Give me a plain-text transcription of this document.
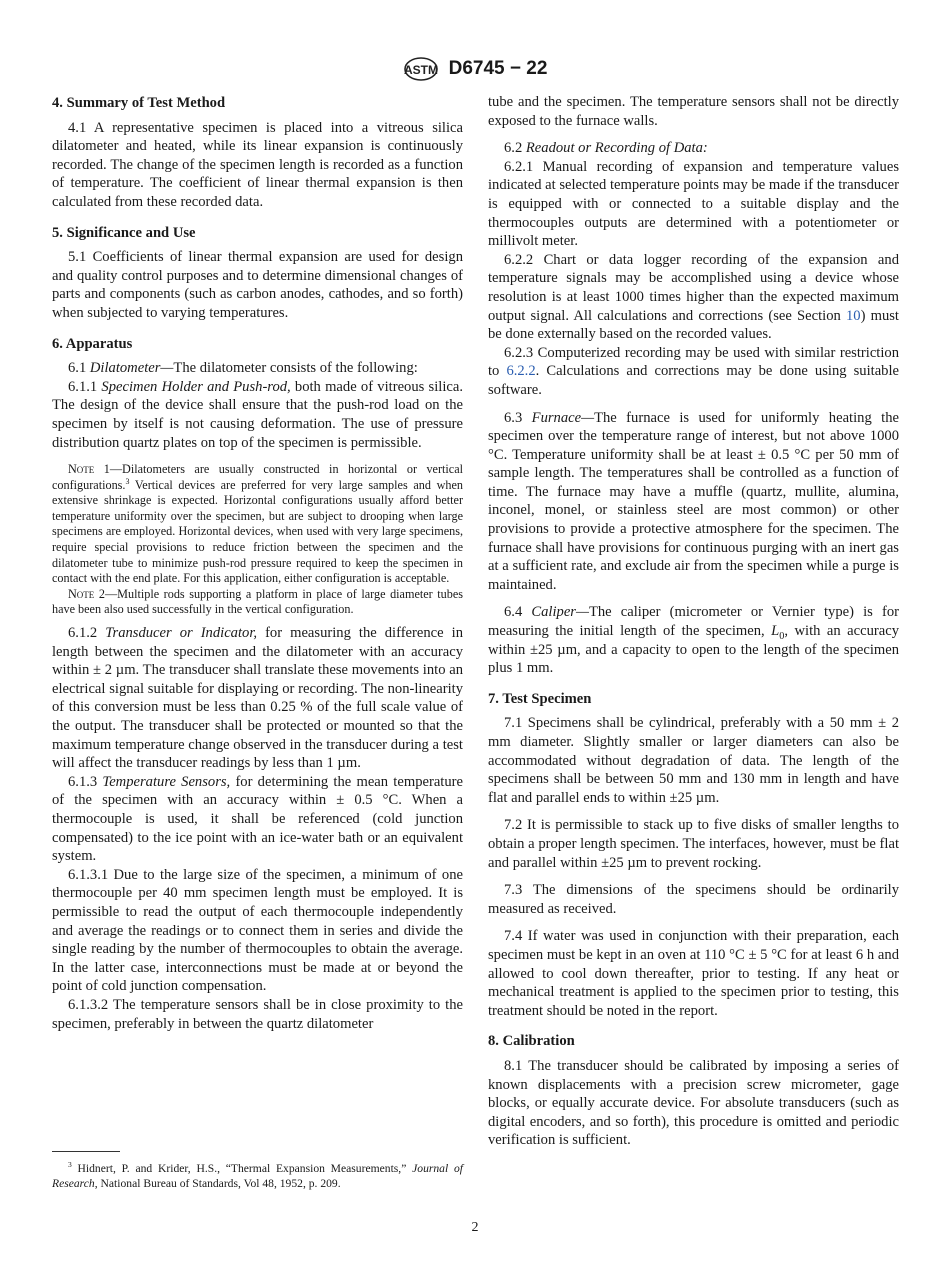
ASTM D6745 − 22
4. Summary of Test Method

4.1 A representative specimen is placed into a vitreous silica dilatometer and heated, while its linear expansion is continuously recorded. The change of the specimen length is recorded as a function of temperature. The coefficient of linear thermal expansion is then calculated from these recorded data.

5. Significance and Use

5.1 Coefficients of linear thermal expansion are used for design and quality control purposes and to determine dimensional changes of parts and components (such as carbon anodes, cathodes, and so forth) when subjected to varying temperatures.

6. Apparatus

6.1 Dilatometer—The dilatometer consists of the following:

6.1.1 Specimen Holder and Push-rod, both made of vitreous silica. The design of the device shall ensure that the push-rod load on the specimen by itself is not causing deformation. The use of pressure distribution quartz plates on top of the specimen is permissible.

Note 1—Dilatometers are usually constructed in horizontal or vertical configurations.$^3$ Vertical devices are preferred for very large samples and when extensive shrinkage is expected. Horizontal configurations usually afford better temperature uniformity over the specimen, but are subject to drooping when large specimens are employed. Horizontal devices, when used with very large specimens, require special provisions to reduce friction between the specimen and the dilatometer tube to minimize push-rod pressure required to keep the specimen in contact with the end plate. For this application, either configuration is acceptable.

Note 2—Multiple rods supporting a platform in place of large diameter tubes have been also used successfully in the vertical configuration.

6.1.2 Transducer or Indicator, for measuring the difference in length between the specimen and the dilatometer with an accuracy within ± 2 µm. The transducer shall translate these movements into an electrical signal suitable for displaying or recording. The non-linearity of this conversion must be less than 0.25 % of the full scale value of the output. The transducer shall be protected or mounted so that the maximum temperature change observed in the transducer during a test will affect the transducer readings by less than 1 µm.

6.1.3 Temperature Sensors, for determining the mean temperature of the specimen with an accuracy within ± 0.5 °C. When a thermocouple is used, it shall be referenced (cold junction compensated) to the ice point with an ice-water bath or an equivalent system.

6.1.3.1 Due to the large size of the specimen, a minimum of one thermocouple per 40 mm specimen length must be employed. It is permissible to read the output of each thermocouple independently and average the readings or to connect them in series and divide the single reading by the number of thermocouples to obtain the average. In the latter case, interconnections must be made at or beyond the point of cold junction compensation.

6.1.3.2 The temperature sensors shall be in close proximity to the specimen, preferably in between the quartz dilatometer

tube and the specimen. The temperature sensors shall not be directly exposed to the furnace walls.

6.2 Readout or Recording of Data:

6.2.1 Manual recording of expansion and temperature values indicated at selected temperature points may be made if the transducer is equipped with or connected to a suitable display and the thermocouples outputs are determined with a potentiometer or millivolt meter.

6.2.2 Chart or data logger recording of the expansion and temperature signals may be accomplished using a device whose resolution is at least 1000 times higher than the expected maximum output signal. All calculations and corrections (see Section 10) must be done externally based on the recorded values.

6.2.3 Computerized recording may be used with similar restriction to 6.2.2. Calculations and corrections may be done using suitable software.

6.3 Furnace—The furnace is used for uniformly heating the specimen over the temperature range of interest, but not above 1000 °C. Temperature uniformity shall be at least ± 0.5 °C per 50 mm of sample length. The temperatures shall be controlled as a function of time. The furnace may have a muffle (quartz, mullite, alumina, inconel, monel, or stainless steel are most common) or other provisions to provide a protective atmosphere for the specimen. The furnace shall have provisions for continuous purging with an inert gas at a sufficient rate, and exclude air from the specimen while a purge is maintained.

6.4 Caliper—The caliper (micrometer or Vernier type) is for measuring the initial length of the specimen, $L_0$, with an accuracy within ±25 µm, and a capacity to open to the length of the specimen plus 1 mm.

7. Test Specimen

7.1 Specimens shall be cylindrical, preferably with a 50 mm ± 2 mm diameter. Slightly smaller or larger diameters can also be accommodated without degradation of data. The length of the specimens shall be between 50 mm and 130 mm in length and have flat and parallel ends to within ±25 µm.

7.2 It is permissible to stack up to five disks of smaller lengths to obtain a proper length specimen. The interfaces, however, must be flat and parallel within ±25 µm to prevent rocking.

7.3 The dimensions of the specimens should be ordinarily measured as received.

7.4 If water was used in conjunction with their preparation, each specimen must be kept in an oven at 110 °C ± 5 °C for at least 6 h and allowed to cool down thereafter, prior to testing. If any heat or mechanical treatment is applied to the specimen prior to testing, this treatment should be noted in the report.

8. Calibration

8.1 The transducer should be calibrated by imposing a series of known displacements with a precision screw micrometer, gage blocks, or equally accurate device. For absolute transducers (such as digital encoders, and so forth), this procedure is omitted and periodic verification is sufficient.

$^3$ Hidnert, P. and Krider, H.S., “Thermal Expansion Measurements,” Journal of Research, National Bureau of Standards, Vol 48, 1952, p. 209.
2
